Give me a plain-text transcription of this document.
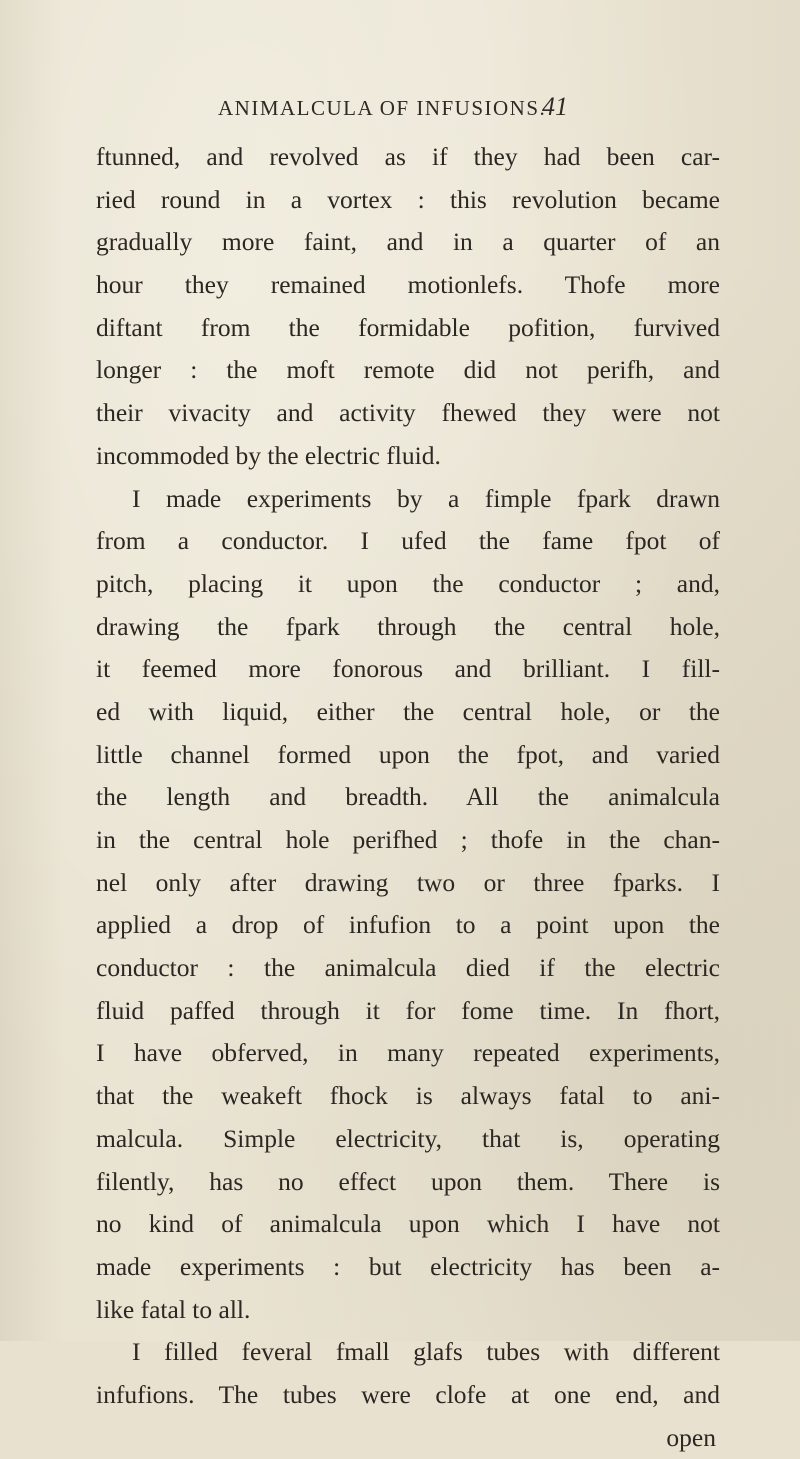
ANIMALCULA OF INFUSIONS.
41
ftunned, and revolved as if they had been car-
ried round in a vortex : this revolution became
gradually more faint, and in a quarter of an
hour they remained motionlefs. Thofe more
diftant from the formidable pofition, furvived
longer : the moft remote did not perifh, and
their vivacity and activity fhewed they were not
incommoded by the electric fluid.
I made experiments by a fimple fpark drawn
from a conductor. I ufed the fame fpot of
pitch, placing it upon the conductor ; and,
drawing the fpark through the central hole,
it feemed more fonorous and brilliant. I fill-
ed with liquid, either the central hole, or the
little channel formed upon the fpot, and varied
the length and breadth. All the animalcula
in the central hole perifhed ; thofe in the chan-
nel only after drawing two or three fparks. I
applied a drop of infufion to a point upon the
conductor : the animalcula died if the electric
fluid paffed through it for fome time. In fhort,
I have obferved, in many repeated experiments,
that the weakeft fhock is always fatal to ani-
malcula. Simple electricity, that is, operating
filently, has no effect upon them. There is
no kind of animalcula upon which I have not
made experiments : but electricity has been a-
like fatal to all.
I filled feveral fmall glafs tubes with different
infufions. The tubes were clofe at one end, and
open
